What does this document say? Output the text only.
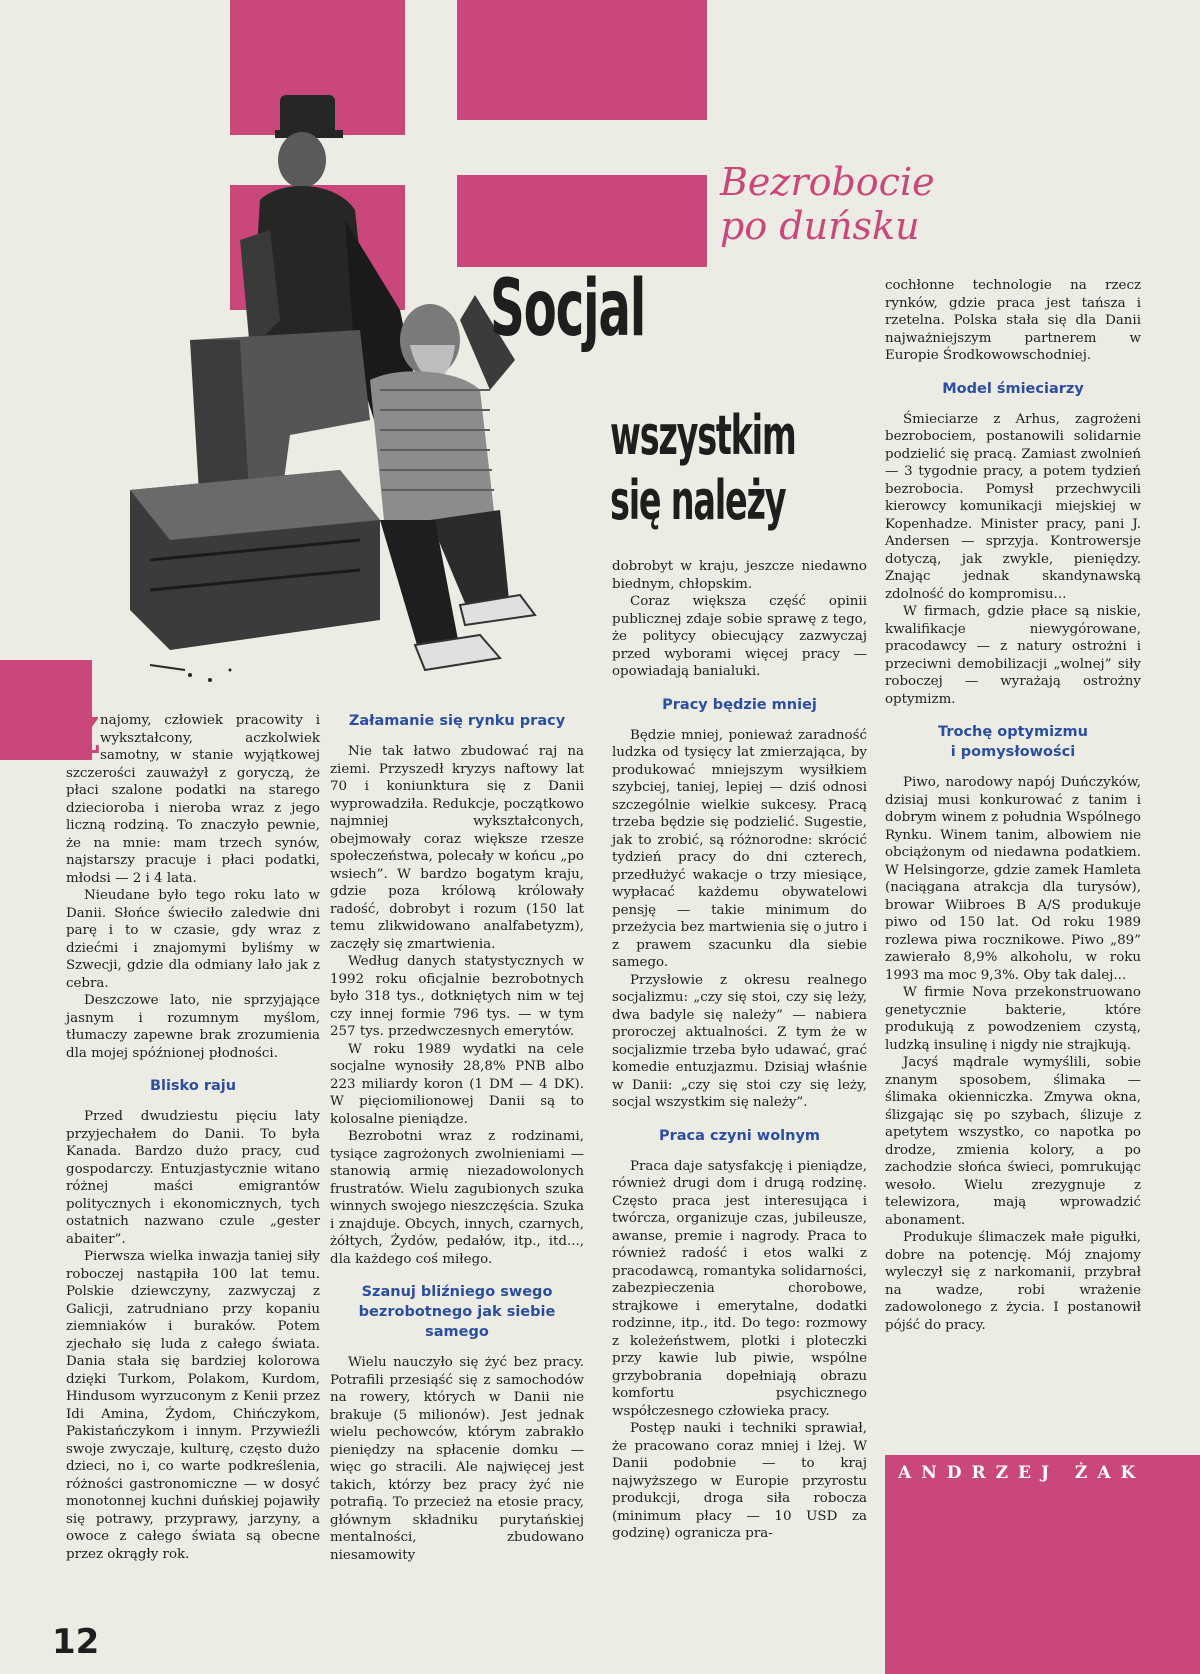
Bezrobocie
po duńsku
Socjal
wszystkim
się należy

Znajomy, człowiek pracowity i wykształcony, aczkolwiek samotny, w stanie wyjątkowej szczerości zauważył z goryczą, że płaci szalone podatki na starego dziecioroba i nieroba wraz z jego liczną rodziną. To znaczyło pewnie, że na mnie: mam trzech synów, najstarszy pracuje i płaci podatki, młodsi — 2 i 4 lata.

Nieudane było tego roku lato w Danii. Słońce świeciło zaledwie dni parę i to w czasie, gdy wraz z dziećmi i znajomymi byliśmy w Szwecji, gdzie dla odmiany lało jak z cebra.

Deszczowe lato, nie sprzyjające jasnym i rozumnym myślom, tłumaczy zapewne brak zrozumienia dla mojej spóźnionej płodności.

Blisko raju

Przed dwudziestu pięciu laty przyjechałem do Danii. To była Kanada. Bardzo dużo pracy, cud gospodarczy. Entuzjastycznie witano różnej maści emigrantów politycznych i ekonomicznych, tych ostatnich nazwano czule „gester abaiter”.

Pierwsza wielka inwazja taniej siły roboczej nastąpiła 100 lat temu. Polskie dziewczyny, zazwyczaj z Galicji, zatrudniano przy kopaniu ziemniaków i buraków. Potem zjechało się luda z całego świata. Dania stała się bardziej kolorowa dzięki Turkom, Polakom, Kurdom, Hindusom wyrzuconym z Kenii przez Idi Amina, Żydom, Chińczykom, Pakistańczykom i innym. Przywieźli swoje zwyczaje, kulturę, często dużo dzieci, no i, co warte podkreślenia, różności gastronomiczne — w dosyć monotonnej kuchni duńskiej pojawiły się potrawy, przyprawy, jarzyny, a owoce z całego świata są obecne przez okrągły rok.

Załamanie się rynku pracy

Nie tak łatwo zbudować raj na ziemi. Przyszedł kryzys naftowy lat 70 i koniunktura się z Danii wyprowadziła. Redukcje, początkowo najmniej wykształconych, obejmowały coraz większe rzesze społeczeństwa, polecały w końcu „po wsiech”. W bardzo bogatym kraju, gdzie poza królową królowały radość, dobrobyt i rozum (150 lat temu zlikwidowano analfabetyzm), zaczęły się zmartwienia.

Według danych statystycznych w 1992 roku oficjalnie bezrobotnych było 318 tys., dotkniętych nim w tej czy innej formie 796 tys. — w tym 257 tys. przedwczesnych emerytów.

W roku 1989 wydatki na cele socjalne wynosiły 28,8% PNB albo 223 miliardy koron (1 DM — 4 DK). W pięciomilionowej Danii są to kolosalne pieniądze.

Bezrobotni wraz z rodzinami, tysiące zagrożonych zwolnieniami — stanowią armię niezadowolonych frustratów. Wielu zagubionych szuka winnych swojego nieszczęścia. Szuka i znajduje. Obcych, innych, czarnych, żółtych, Żydów, pedałów, itp., itd..., dla każdego coś miłego.

Szanuj bliźniego swego bezrobotnego jak siebie samego

Wielu nauczyło się żyć bez pracy. Potrafili przesiąść się z samochodów na rowery, których w Danii nie brakuje (5 milionów). Jest jednak wielu pechowców, którym zabrakło pieniędzy na spłacenie domku — więc go stracili. Ale najwięcej jest takich, którzy bez pracy żyć nie potrafią. To przecież na etosie pracy, głównym składniku purytańskiej mentalności, zbudowano niesamowity

dobrobyt w kraju, jeszcze niedawno biednym, chłopskim.

Coraz większa część opinii publicznej zdaje sobie sprawę z tego, że politycy obiecujący zazwyczaj przed wyborami więcej pracy — opowiadają banialuki.

Pracy będzie mniej

Będzie mniej, ponieważ zaradność ludzka od tysięcy lat zmierzająca, by produkować mniejszym wysiłkiem szybciej, taniej, lepiej — dziś odnosi szczególnie wielkie sukcesy. Pracą trzeba będzie się podzielić. Sugestie, jak to zrobić, są różnorodne: skrócić tydzień pracy do dni czterech, przedłużyć wakacje o trzy miesiące, wypłacać każdemu obywatelowi pensję — takie minimum do przeżycia bez martwienia się o jutro i z prawem szacunku dla siebie samego.

Przysłowie z okresu realnego socjalizmu: „czy się stoi, czy się leży, dwa badyle się należy” — nabiera proroczej aktualności. Z tym że w socjalizmie trzeba było udawać, grać komedie entuzjazmu. Dzisiaj właśnie w Danii: „czy się stoi czy się leży, socjal wszystkim się należy”.

Praca czyni wolnym

Praca daje satysfakcję i pieniądze, również drugi dom i drugą rodzinę. Często praca jest interesująca i twórcza, organizuje czas, jubileusze, awanse, premie i nagrody. Praca to również radość i etos walki z pracodawcą, romantyka solidarności, zabezpieczenia chorobowe, strajkowe i emerytalne, dodatki rodzinne, itp., itd. Do tego: rozmowy z koleżeństwem, plotki i ploteczki przy kawie lub piwie, wspólne grzybobrania dopełniają obrazu komfortu psychicznego współczesnego człowieka pracy.

Postęp nauki i techniki sprawiał, że pracowano coraz mniej i lżej. W Danii podobnie — to kraj najwyższego w Europie przyrostu produkcji, droga siła robocza (minimum płacy — 10 USD za godzinę) ogranicza pra-

cochłonne technologie na rzecz rynków, gdzie praca jest tańsza i rzetelna. Polska stała się dla Danii najważniejszym partnerem w Europie Środkowowschodniej.

Model śmieciarzy

Śmieciarze z Arhus, zagrożeni bezrobociem, postanowili solidarnie podzielić się pracą. Zamiast zwolnień — 3 tygodnie pracy, a potem tydzień bezrobocia. Pomysł przechwycili kierowcy komunikacji miejskiej w Kopenhadze. Minister pracy, pani J. Andersen — sprzyja. Kontrowersje dotyczą, jak zwykle, pieniędzy. Znając jednak skandynawską zdolność do kompromisu...

W firmach, gdzie płace są niskie, kwalifikacje niewygórowane, pracodawcy — z natury ostrożni i przeciwni demobilizacji „wolnej” siły roboczej — wyrażają ostrożny optymizm.

Trochę optymizmu
i pomysłowości

Piwo, narodowy napój Duńczyków, dzisiaj musi konkurować z tanim i dobrym winem z południa Wspólnego Rynku. Winem tanim, albowiem nie obciążonym od niedawna podatkiem. W Helsingorze, gdzie zamek Hamleta (naciągana atrakcja dla turysów), browar Wiibroes B A/S produkuje piwo od 150 lat. Od roku 1989 rozlewa piwa rocznikowe. Piwo „89” zawierało 8,9% alkoholu, w roku 1993 ma moc 9,3%. Oby tak dalej...

W firmie Nova przekonstruowano genetycznie bakterie, które produkują z powodzeniem czystą, ludzką insulinę i nigdy nie strajkują.

Jacyś mądrale wymyślili, sobie znanym sposobem, ślimaka — ślimaka okienniczka. Zmywa okna, ślizgając się po szybach, ślizuje z apetytem wszystko, co napotka po drodze, zmienia kolory, a po zachodzie słońca świeci, pomrukując wesoło. Wielu zrezygnuje z telewizora, mają wprowadzić abonament.

Produkuje ślimaczek małe pigułki, dobre na potencję. Mój znajomy wyleczył się z narkomanii, przybrał na wadze, robi wrażenie zadowolonego z życia. I postanowił pójść do pracy.

ANDRZEJ ŻAK
12
